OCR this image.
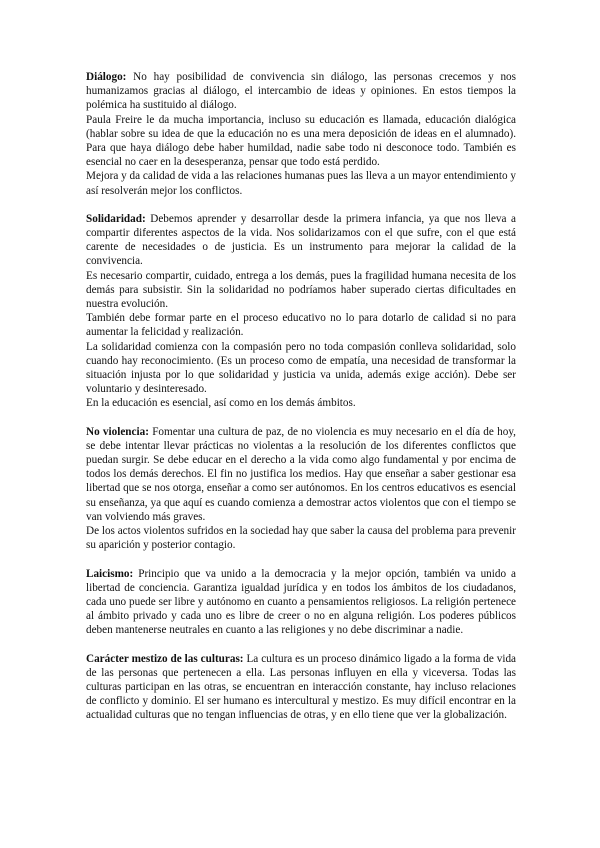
Diálogo: No hay posibilidad de convivencia sin diálogo, las personas crecemos y nos humanizamos gracias al diálogo, el intercambio de ideas y opiniones. En estos tiempos la polémica ha sustituido al diálogo.

Paula Freire le da mucha importancia, incluso su educación es llamada, educación dialógica (hablar sobre su idea de que la educación no es una mera deposición de ideas en el alumnado). Para que haya diálogo debe haber humildad, nadie sabe todo ni desconoce todo. También es esencial no caer en la desesperanza, pensar que todo está perdido.

Mejora y da calidad de vida a las relaciones humanas pues las lleva a un mayor entendimiento y así resolverán mejor los conflictos.

Solidaridad: Debemos aprender y desarrollar desde la primera infancia, ya que nos lleva a compartir diferentes aspectos de la vida. Nos solidarizamos con el que sufre, con el que está carente de necesidades o de justicia. Es un instrumento para mejorar la calidad de la convivencia.

Es necesario compartir, cuidado, entrega a los demás, pues la fragilidad humana necesita de los demás para subsistir. Sin la solidaridad no podríamos haber superado ciertas dificultades en nuestra evolución.

También debe formar parte en el proceso educativo no lo para dotarlo de calidad si no para aumentar la felicidad y realización.

La solidaridad comienza con la compasión pero no toda compasión conlleva solidaridad, solo cuando hay reconocimiento. (Es un proceso como de empatía, una necesidad de transformar la situación injusta por lo que solidaridad y justicia va unida, además exige acción). Debe ser voluntario y desinteresado.

En la educación es esencial, así como en los demás ámbitos.

No violencia: Fomentar una cultura de paz, de no violencia es muy necesario en el día de hoy, se debe intentar llevar prácticas no violentas a la resolución de los diferentes conflictos que puedan surgir. Se debe educar en el derecho a la vida como algo fundamental y por encima de todos los demás derechos. El fin no justifica los medios. Hay que enseñar a saber gestionar esa libertad que se nos otorga, enseñar a como ser autónomos. En los centros educativos es esencial su enseñanza, ya que aquí es cuando comienza a demostrar actos violentos que con el tiempo se van volviendo más graves.

De los actos violentos sufridos en la sociedad hay que saber la causa del problema para prevenir su aparición y posterior contagio.

Laicismo: Principio que va unido a la democracia y la mejor opción, también va unido a libertad de conciencia. Garantiza igualdad jurídica y en todos los ámbitos de los ciudadanos, cada uno puede ser libre y autónomo en cuanto a pensamientos religiosos. La religión pertenece al ámbito privado y cada uno es libre de creer o no en alguna religión. Los poderes públicos deben mantenerse neutrales en cuanto a las religiones y no debe discriminar a nadie.

Carácter mestizo de las culturas: La cultura es un proceso dinámico ligado a la forma de vida de las personas que pertenecen a ella. Las personas influyen en ella y viceversa. Todas las culturas participan en las otras, se encuentran en interacción constante, hay incluso relaciones de conflicto y dominio. El ser humano es intercultural y mestizo. Es muy difícil encontrar en la actualidad culturas que no tengan influencias de otras, y en ello tiene que ver la globalización.
